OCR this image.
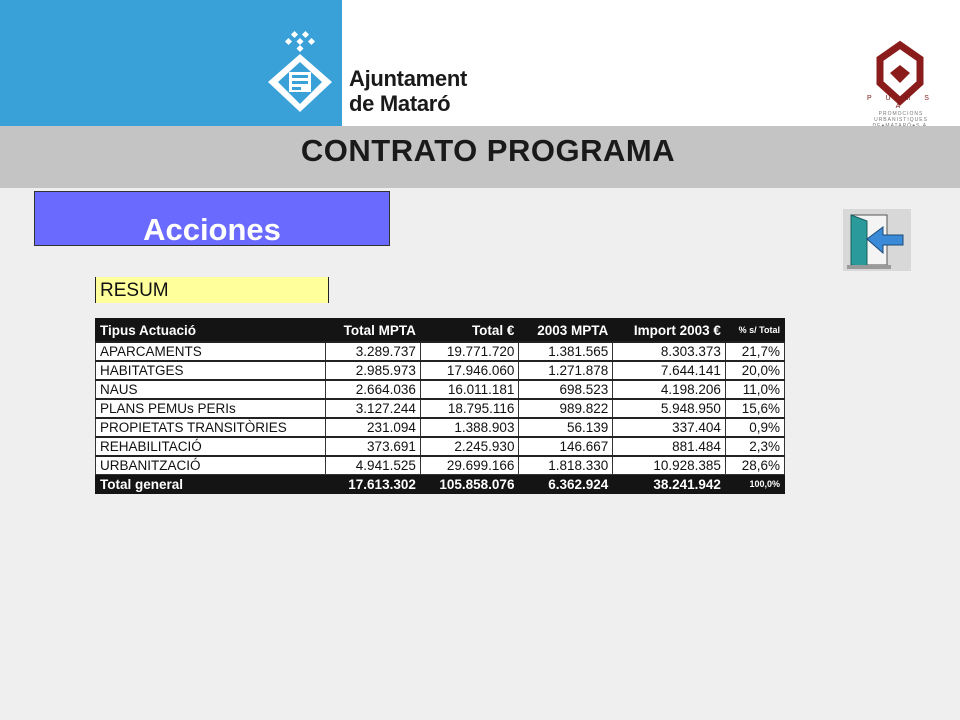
Ajuntament
de Mataró	P U M S A
PROMOCIONS
URBANISTIQUES
CONTRATO PROGRAMA
Acciones
RESUM
Tipus Actuació	Total MPTA	Total €	2003 MPTA	Import 2003 €	% s/ Total
APARCAMENTS	3.289.737	19.771.720	1.381.565	8.303.373	21,7%
HABITATGES	2.985.973	17.946.060	1.271.878	7.644.141	20,0%
NAUS	2.664.036	16.011.181	698.523	4.198.206	11,0%
PLANS PEMUs PERIs	3.127.244	18.795.116	989.822	5.948.950	15,6%
PROPIETATS TRANSITÒRIES	231.094	1.388.903	56.139	337.404	0,9%
REHABILITACIÓ	373.691	2.245.930	146.667	881.484	2,3%
URBANITZACIÓ	4.941.525	29.699.166	1.818.330	10.928.385	28,6%
Total general	17.613.302	105.858.076	6.362.924	38.241.942	100,0%
